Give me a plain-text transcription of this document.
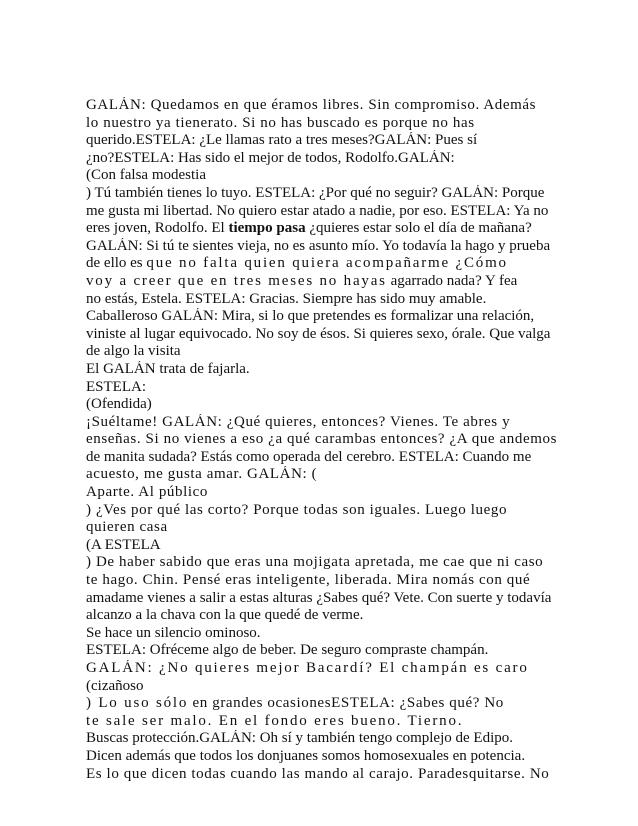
GALÁN: Quedamos en que éramos libres. Sin compromiso. Además
lo nuestro ya tienerato. Si no has buscado es porque no has
querido.ESTELA: ¿Le llamas rato a tres meses?GALÁN: Pues sí
¿no?ESTELA: Has sido el mejor de todos, Rodolfo.GALÁN:
(Con falsa modestia
) Tú también tienes lo tuyo. ESTELA: ¿Por qué no seguir? GALÁN: Porque
me gusta mi libertad. No quiero estar atado a nadie, por eso. ESTELA: Ya no
eres joven, Rodolfo. El tiempo pasa ¿quieres estar solo el día de mañana?
GALÁN: Si tú te sientes vieja, no es asunto mío. Yo todavía la hago y prueba
de ello es que no falta quien quiera acompañarme ¿Cómo
voy a creer que en tres meses no hayas agarrado nada? Y fea
no estás, Estela. ESTELA: Gracias. Siempre has sido muy amable.
Caballeroso GALÁN: Mira, si lo que pretendes es formalizar una relación,
viniste al lugar equivocado. No soy de ésos. Si quieres sexo, órale. Que valga
de algo la visita
El GALÁN trata de fajarla.
ESTELA:
(Ofendida)
¡Suéltame! GALÁN: ¿Qué quieres, entonces? Vienes. Te abres y
enseñas. Si no vienes a eso ¿a qué carambas entonces? ¿A que andemos
de manita sudada? Estás como operada del cerebro. ESTELA: Cuando me
acuesto, me gusta amar. GALÁN: (
Aparte. Al público
) ¿Ves por qué las corto? Porque todas son iguales. Luego luego
quieren casa
(A ESTELA
) De haber sabido que eras una mojigata apretada, me cae que ni caso
te hago. Chin. Pensé eras inteligente, liberada. Mira nomás con qué
amadame vienes a salir a estas alturas ¿Sabes qué? Vete. Con suerte y todavía
alcanzo a la chava con la que quedé de verme.
Se hace un silencio ominoso.
ESTELA: Ofréceme algo de beber. De seguro compraste champán.
GALÁN: ¿No quieres mejor Bacardí? El champán es caro
(cizañoso
) Lo uso sólo en grandes ocasionesESTELA: ¿Sabes qué? No
te sale ser malo. En el fondo eres bueno. Tierno.
Buscas protección.GALÁN: Oh sí y también tengo complejo de Edipo.
Dicen además que todos los donjuanes somos homosexuales en potencia.
Es lo que dicen todas cuando las mando al carajo. Paradesquitarse. No
